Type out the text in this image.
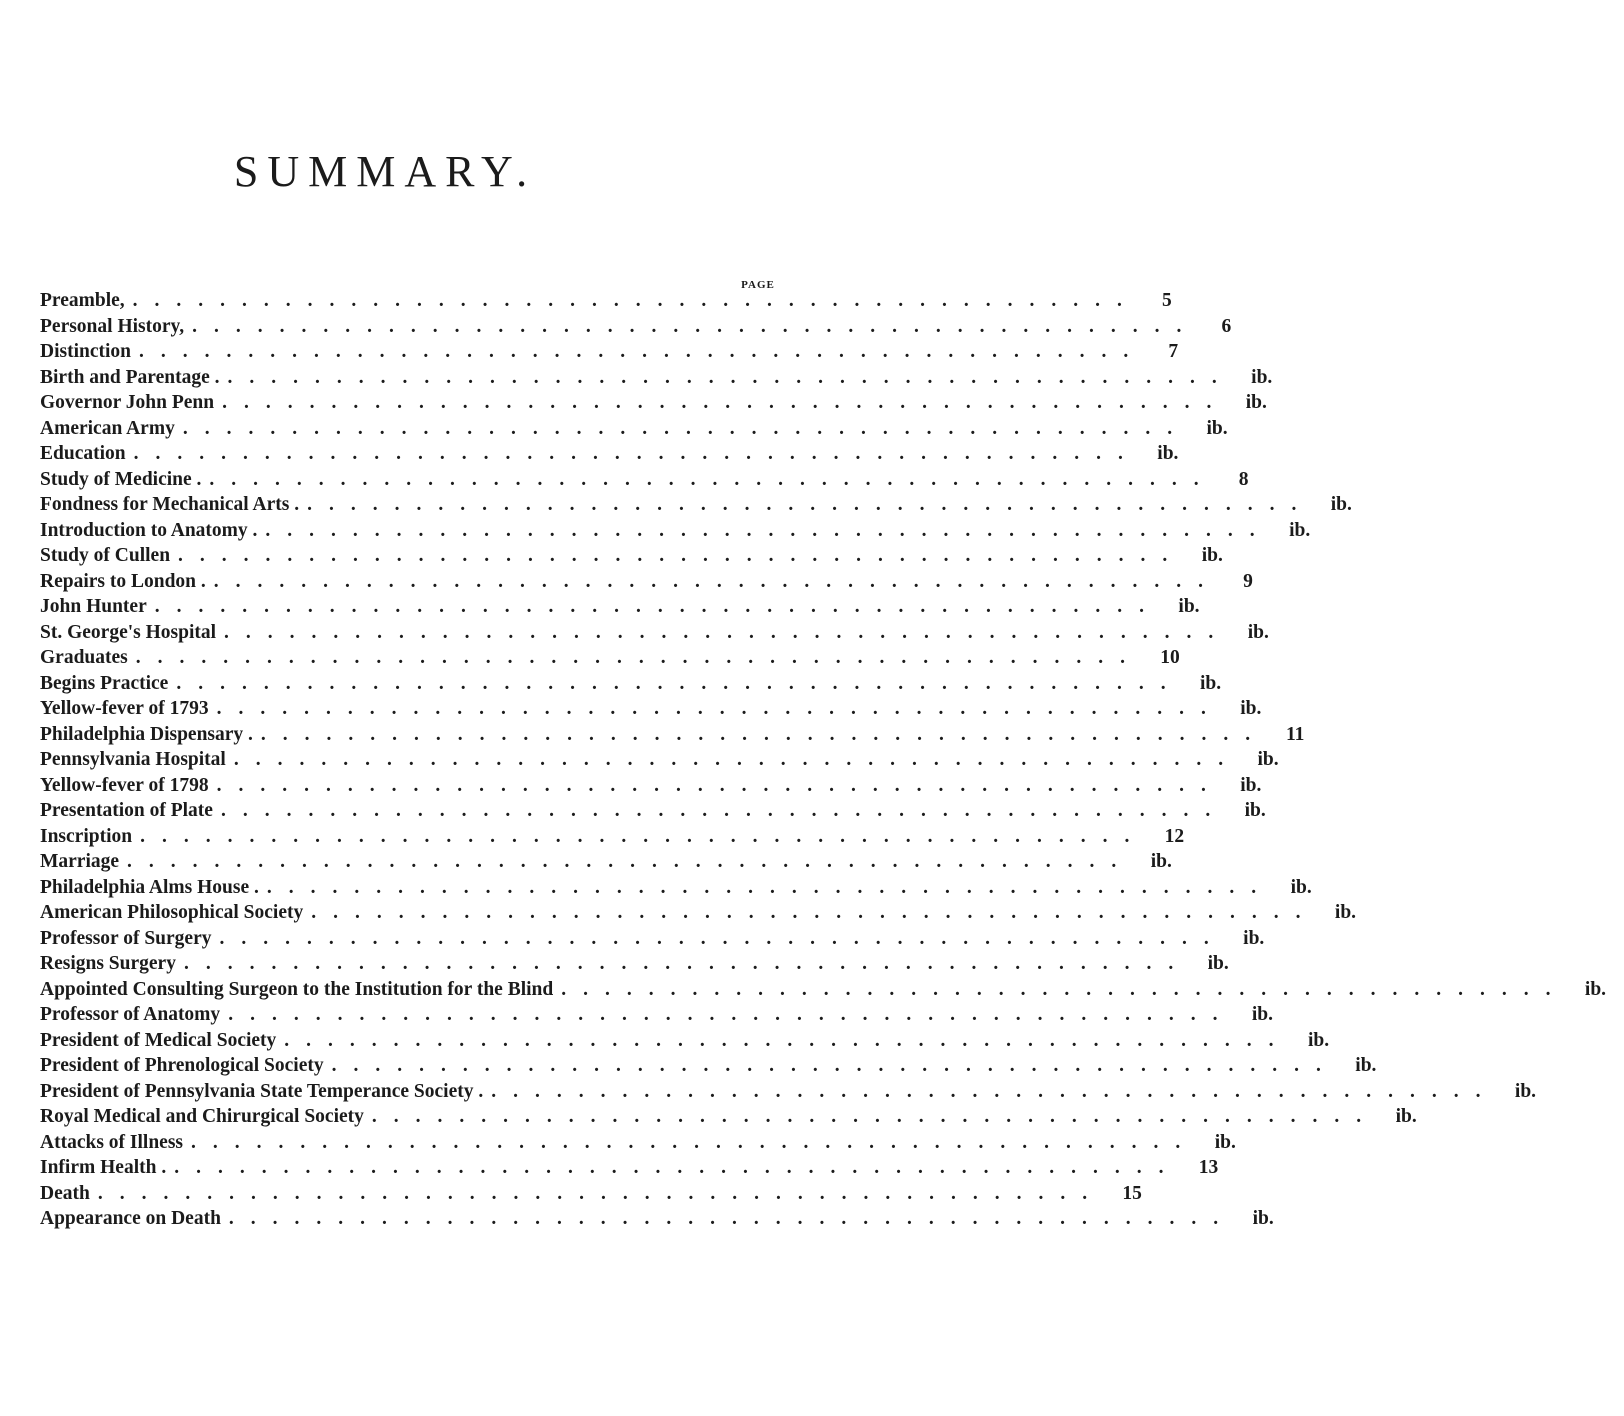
SUMMARY.
PAGE
Preamble, ..............................................	5
Personal History, ..............................................	6
Distinction ..............................................	7
Birth and Parentage . .............................................. ib.
Governor John Penn .............................................. ib.
American Army .............................................. ib.
Education .............................................. ib.
Study of Medicine . ..............................................	8
Fondness for Mechanical Arts . .............................................. ib.
Introduction to Anatomy . .............................................. ib.
Study of Cullen .............................................. ib.
Repairs to London . ..............................................	9
John Hunter .............................................. ib.
St. George's Hospital .............................................. ib.
Graduates .............................................. 10
Begins Practice .............................................. ib.
Yellow-fever of 1793 .............................................. ib.
Philadelphia Dispensary . .............................................. 11
Pennsylvania Hospital .............................................. ib.
Yellow-fever of 1798 .............................................. ib.
Presentation of Plate .............................................. ib.
Inscription .............................................. 12
Marriage .............................................. ib.
Philadelphia Alms House . .............................................. ib.
American Philosophical Society .............................................. ib.
Professor of Surgery .............................................. ib.
Resigns Surgery .............................................. ib.
Appointed Consulting Surgeon to the Institution for the Blind .............................................. ib.
Professor of Anatomy .............................................. ib.
President of Medical Society .............................................. ib.
President of Phrenological Society .............................................. ib.
President of Pennsylvania State Temperance Society . .............................................. ib.
Royal Medical and Chirurgical Society .............................................. ib.
Attacks of Illness .............................................. ib.
Infirm Health . .............................................. 13
Death .............................................. 15
Appearance on Death .............................................. ib.
